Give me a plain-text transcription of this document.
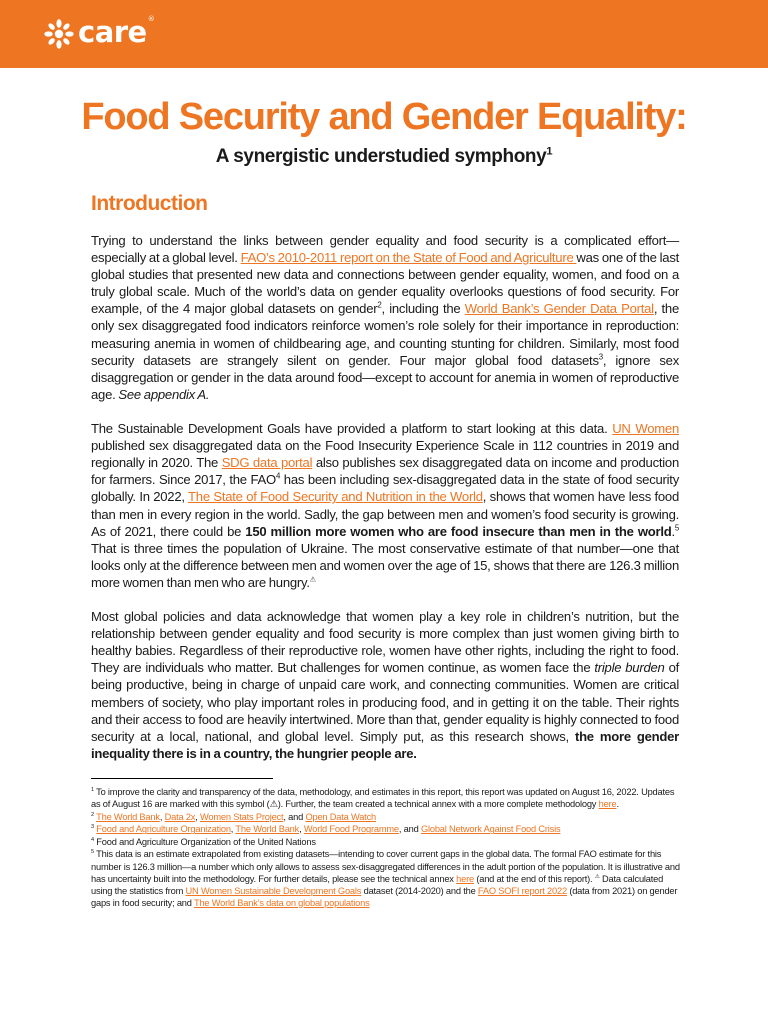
care®
Food Security and Gender Equality:
A synergistic understudied symphony$^1$
Introduction

Trying to understand the links between gender equality and food security is a complicated effort—especially at a global level. FAO’s 2010-2011 report on the State of Food and Agriculture was one of the last global studies that presented new data and connections between gender equality, women, and food on a truly global scale. Much of the world’s data on gender equality overlooks questions of food security. For example, of the 4 major global datasets on gender$^2$, including the World Bank’s Gender Data Portal, the only sex disaggregated food indicators reinforce women’s role solely for their importance in reproduction: measuring anemia in women of childbearing age, and counting stunting for children. Similarly, most food security datasets are strangely silent on gender. Four major global food datasets$^3$, ignore sex disaggregation or gender in the data around food—except to account for anemia in women of reproductive age. See appendix A.

The Sustainable Development Goals have provided a platform to start looking at this data. UN Women published sex disaggregated data on the Food Insecurity Experience Scale in 112 countries in 2019 and regionally in 2020. The SDG data portal also publishes sex disaggregated data on income and production for farmers. Since 2017, the FAO$^4$ has been including sex-disaggregated data in the state of food security globally. In 2022, The State of Food Security and Nutrition in the World, shows that women have less food than men in every region in the world. Sadly, the gap between men and women’s food security is growing. As of 2021, there could be 150 million more women who are food insecure than men in the world.$^5$ That is three times the population of Ukraine. The most conservative estimate of that number—one that looks only at the difference between men and women over the age of 15, shows that there are 126.3 million more women than men who are hungry.⚠

Most global policies and data acknowledge that women play a key role in children’s nutrition, but the relationship between gender equality and food security is more complex than just women giving birth to healthy babies. Regardless of their reproductive role, women have other rights, including the right to food. They are individuals who matter. But challenges for women continue, as women face the triple burden of being productive, being in charge of unpaid care work, and connecting communities. Women are critical members of society, who play important roles in producing food, and in getting it on the table. Their rights and their access to food are heavily intertwined. More than that, gender equality is highly connected to food security at a local, national, and global level. Simply put, as this research shows, the more gender inequality there is in a country, the hungrier people are.

$^1$ To improve the clarity and transparency of the data, methodology, and estimates in this report, this report was updated on August 16, 2022. Updates as of August 16 are marked with this symbol (⚠). Further, the team created a technical annex with a more complete methodology here.

$^2$ The World Bank, Data 2x, Women Stats Project, and Open Data Watch

$^3$ Food and Agriculture Organization, The World Bank, World Food Programme, and Global Network Against Food Crisis

$^4$ Food and Agriculture Organization of the United Nations

$^5$ This data is an estimate extrapolated from existing datasets—intending to cover current gaps in the global data. The formal FAO estimate for this number is 126.3 million—a number which only allows to assess sex-disaggregated differences in the adult portion of the population. It is illustrative and has uncertainty built into the methodology. For further details, please see the technical annex here (and at the end of this report). ⚠ Data calculated using the statistics from UN Women Sustainable Development Goals dataset (2014-2020) and the FAO SOFI report 2022 (data from 2021) on gender gaps in food security; and The World Bank’s data on global populations
